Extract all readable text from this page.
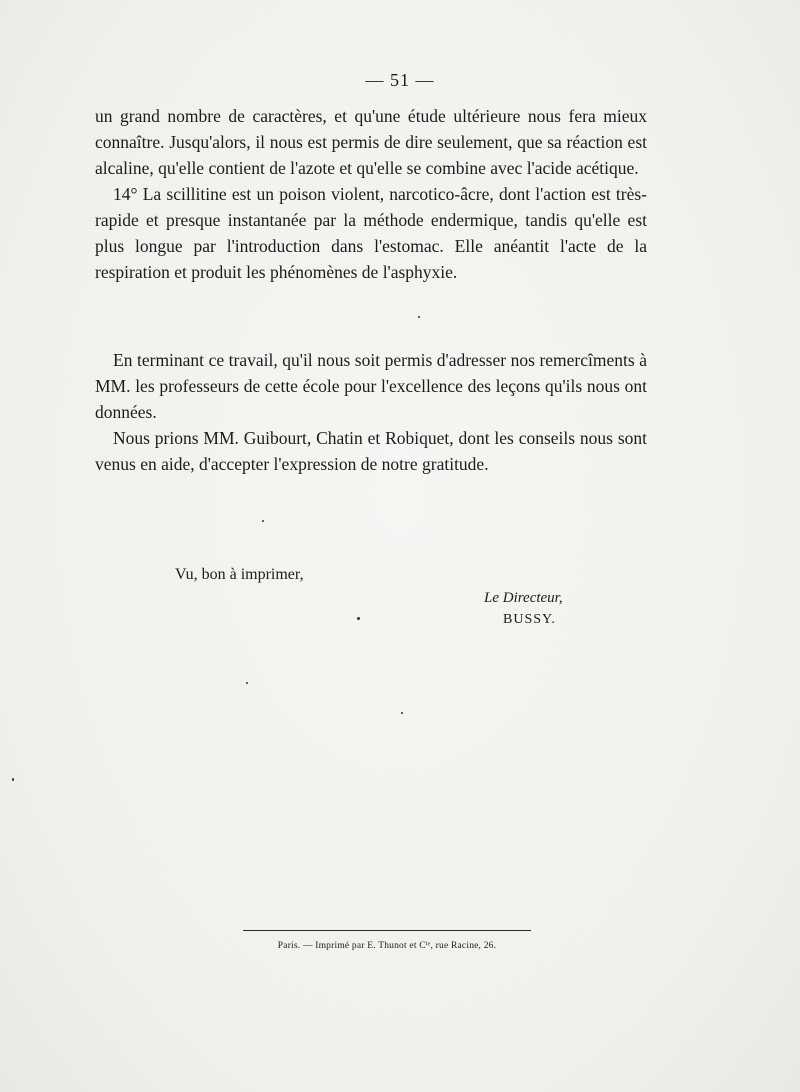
— 51 —

un grand nombre de caractères, et qu'une étude ultérieure nous fera mieux connaître. Jusqu'alors, il nous est permis de dire seulement, que sa réaction est alcaline, qu'elle contient de l'azote et qu'elle se combine avec l'acide acétique.

14° La scillitine est un poison violent, narcotico-âcre, dont l'action est très-rapide et presque instantanée par la méthode endermique, tandis qu'elle est plus longue par l'introduction dans l'estomac. Elle anéantit l'acte de la respiration et produit les phénomènes de l'asphyxie.

En terminant ce travail, qu'il nous soit permis d'adresser nos remercîments à MM. les professeurs de cette école pour l'excellence des leçons qu'ils nous ont données.

Nous prions MM. Guibourt, Chatin et Robiquet, dont les conseils nous sont venus en aide, d'accepter l'expression de notre gratitude.

Vu, bon à imprimer,
Le Directeur,
BUSSY.
Paris. — Imprimé par E. Thunot et Cⁱᵉ, rue Racine, 26.
